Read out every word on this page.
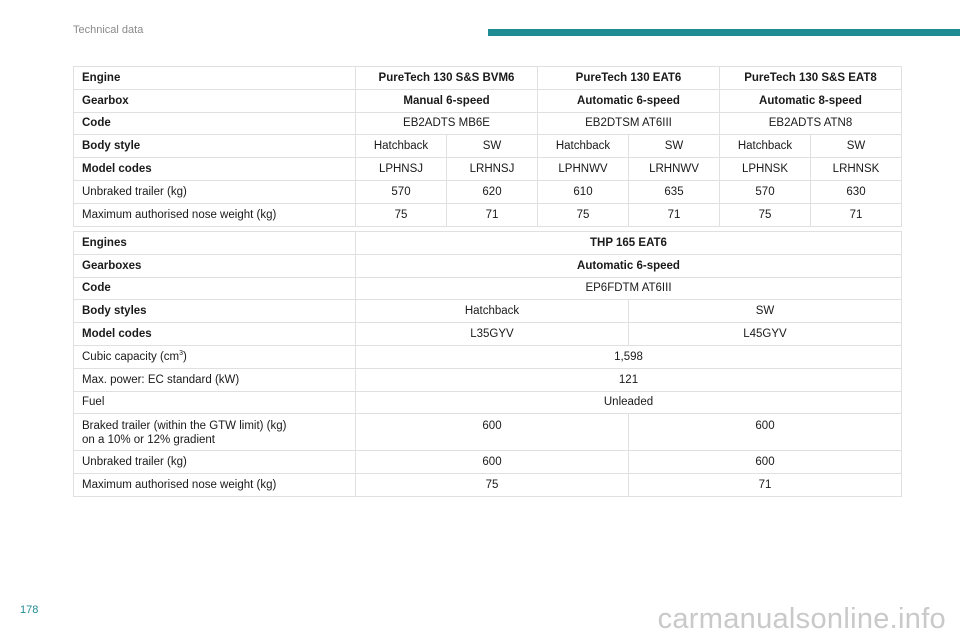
Technical data
Engine	PureTech 130 S&S BVM6		PureTech 130 EAT6		PureTech 130 S&S EAT8	
Gearbox	Manual 6-speed		Automatic 6-speed		Automatic 8-speed	
Code	EB2ADTS MB6E		EB2DTSM AT6III		EB2ADTS ATN8	
Body style	Hatchback	SW	Hatchback	SW	Hatchback	SW
Model codes	LPHNSJ	LRHNSJ	LPHNWV	LRHNWV	LPHNSK	LRHNSK
Unbraked trailer (kg)	570	620	610	635	570	630
Maximum authorised nose weight (kg)	75	71	75	71	75	71
Engines	THP 165 EAT6	
Gearboxes	Automatic 6-speed	
Code	EP6FDTM AT6III	
Body styles	Hatchback	SW
Model codes	L35GYV	L45GYV
Cubic capacity $(cm^3)$	1,598	
Max. power: EC standard (kW)	121	
Fuel	Unleaded	

Braked trailer (within the GTW limit) (kg)
on a 10% or 12% gradient	600	600
Unbraked trailer (kg)	600	600
Maximum authorised nose weight (kg)	75	71
178	carmanualsonline.info
